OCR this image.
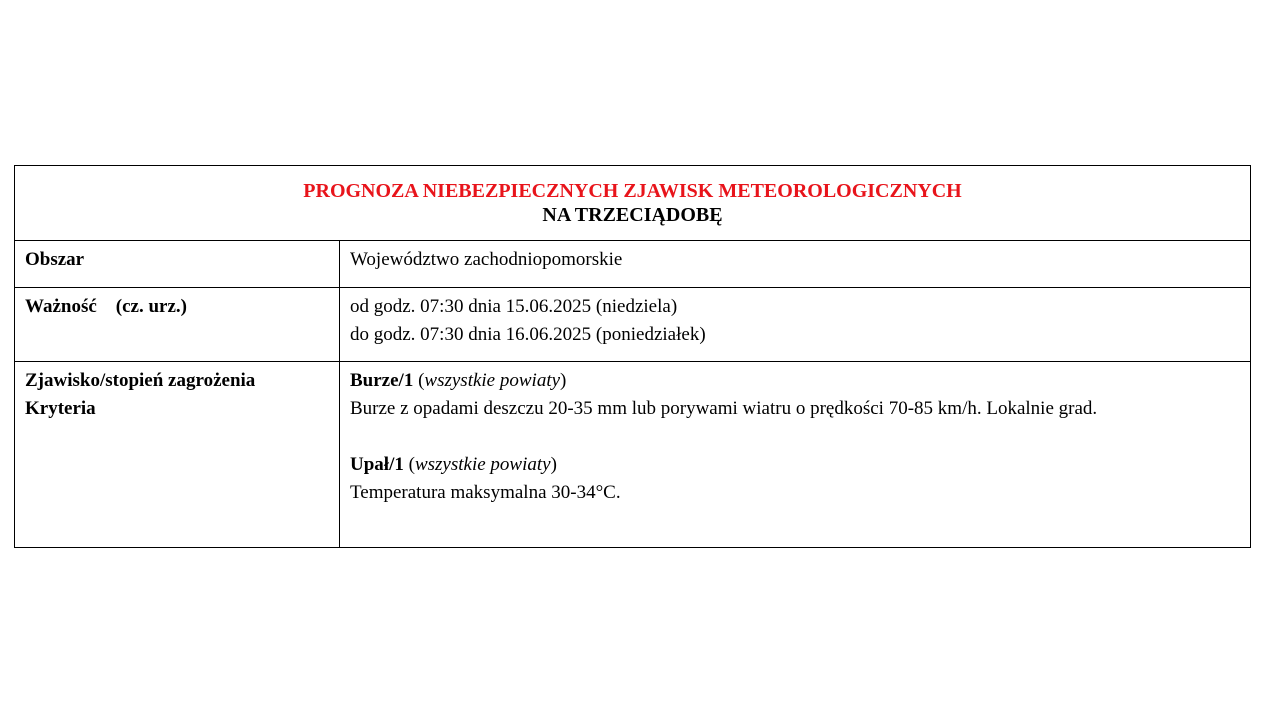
PROGNOZA NIEBEZPIECZNYCH ZJAWISK METEOROLOGICZNYCH
NA TRZECIĄDOBĘ
Obszar	Województwo zachodniopomorskie
Ważność (cz. urz.)	od godz. 07:30 dnia 15.06.2025 (niedziela)
do godz. 07:30 dnia 16.06.2025 (poniedziałek)
Zjawisko/stopień zagrożenia
Kryteria
Burze/1 (wszystkie powiaty)
Burze z opadami deszczu 20-35 mm lub porywami wiatru o prędkości 70-85 km/h. Lokalnie grad.
Upał/1 (wszystkie powiaty)
Temperatura maksymalna 30-34°C.
